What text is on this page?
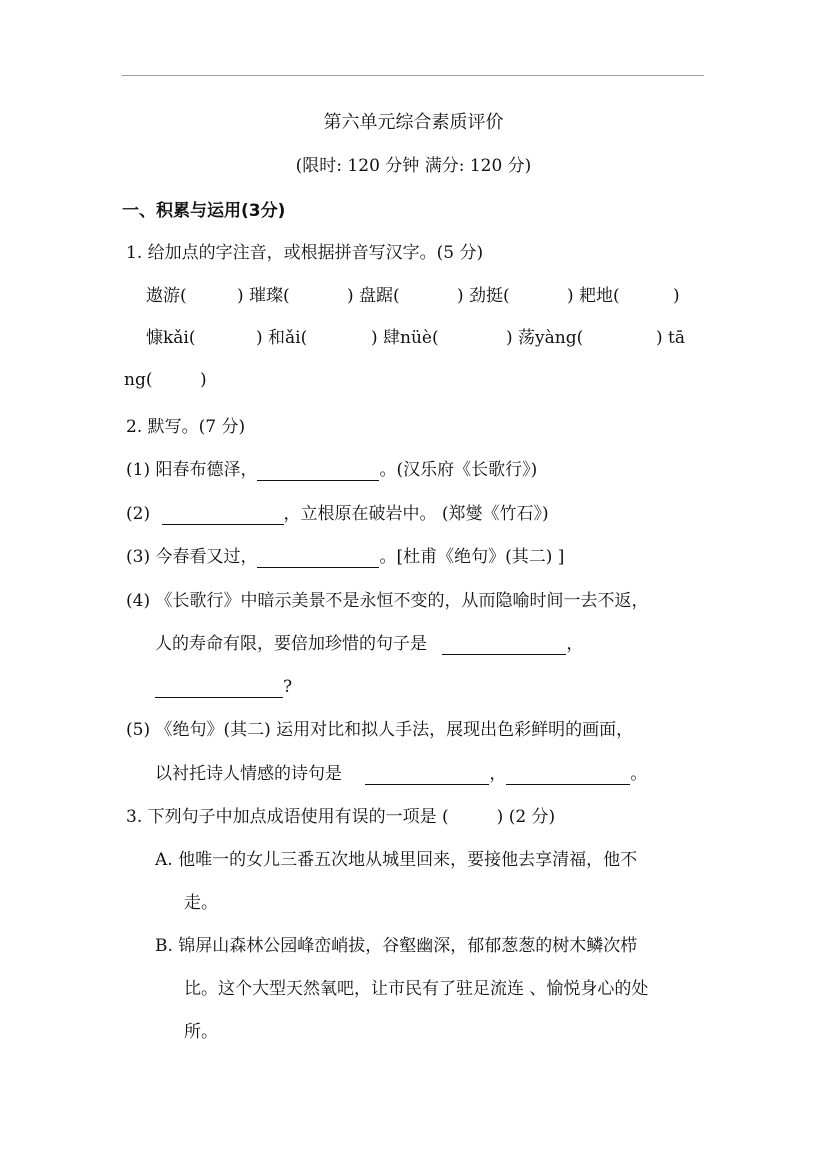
第六单元综合素质评价
(限时: 120 分钟 满分: 120 分)
一、积累与运用(3分)
1. 给加点的字注音，或根据拼音写汉字。(5 分)
遨游(	) 璀璨(	) 盘踞(	) 劲挺(	) 耙地(	)
慷kǎi(	) 和ǎi(	) 肆nüè(	) 荡yàng(	) tā
ng(	)
2. 默写。(7 分)
(1) 阳春布德泽，	。(汉乐府《长歌行》)
(2)	，立根原在破岩中。 (郑燮《竹石》)
(3) 今春看又过，	。[杜甫《绝句》(其二) ]
(4) 《长歌行》中暗示美景不是永恒不变的，从而隐喻时间一去不返，
人的寿命有限，要倍加珍惜的句子是	，
?
(5) 《绝句》(其二) 运用对比和拟人手法，展现出色彩鲜明的画面，
以衬托诗人情感的诗句是	，	。
3. 下列句子中加点成语使用有误的一项是 (	) (2 分)
A. 他唯一的女儿三番五次地从城里回来，要接他去享清福，他不
走。
B. 锦屏山森林公园峰峦峭拔，谷壑幽深，郁郁葱葱的树木鳞次栉
比。这个大型天然氧吧，让市民有了驻足流连 、愉悦身心的处
所。
